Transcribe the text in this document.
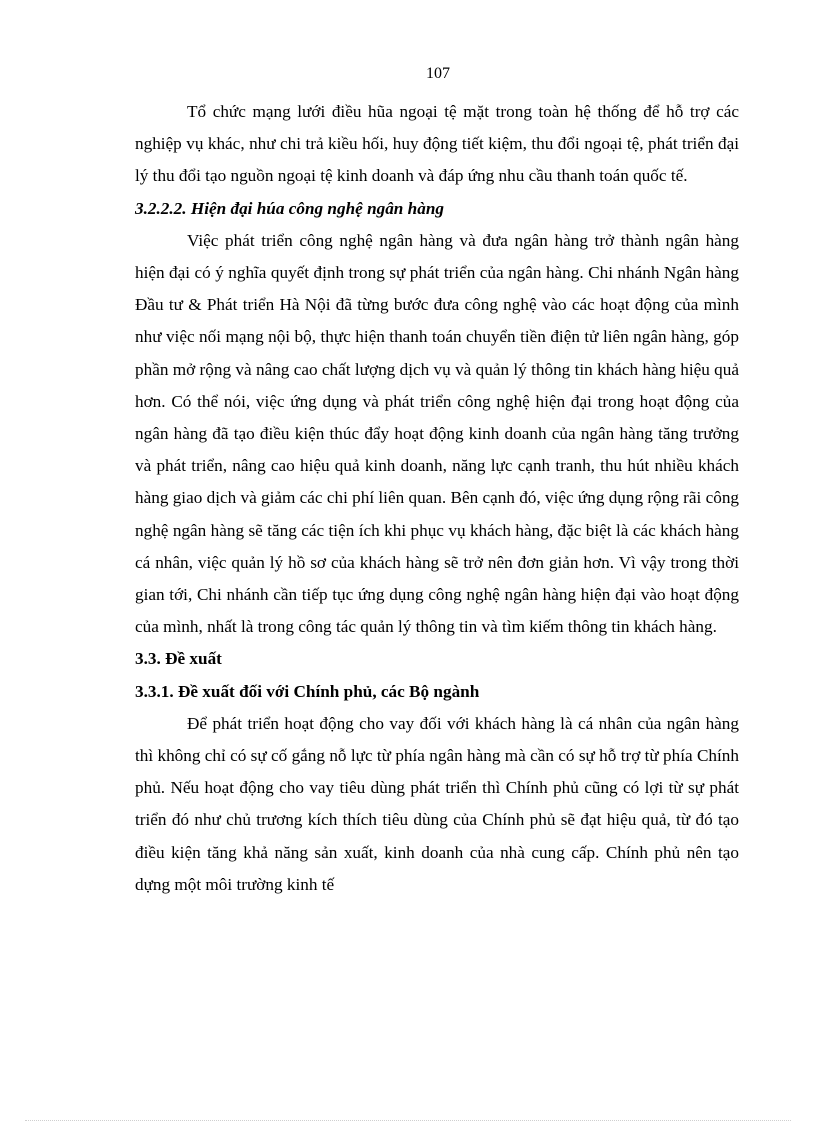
107

Tổ chức mạng lưới điều hũa ngoại tệ mặt trong toàn hệ thống để hỗ trợ các nghiệp vụ khác, như chi trả kiều hối, huy động tiết kiệm, thu đổi ngoại tệ, phát triển đại lý thu đổi tạo nguồn ngoại tệ kinh doanh và đáp ứng nhu cầu thanh toán quốc tế.

3.2.2.2. Hiện đại húa công nghệ ngân hàng

Việc phát triển công nghệ ngân hàng và đưa ngân hàng trở thành ngân hàng hiện đại có ý nghĩa quyết định trong sự phát triển của ngân hàng. Chi nhánh Ngân hàng Đầu tư & Phát triển Hà Nội đã từng bước đưa công nghệ vào các hoạt động của mình như việc nối mạng nội bộ, thực hiện thanh toán chuyển tiền điện tử liên ngân hàng, góp phần mở rộng và nâng cao chất lượng dịch vụ và quản lý thông tin khách hàng hiệu quả hơn. Có thể nói, việc ứng dụng và phát triển công nghệ hiện đại trong hoạt động của ngân hàng đã tạo điều kiện thúc đẩy hoạt động kinh doanh của ngân hàng tăng trưởng và phát triển, nâng cao hiệu quả kinh doanh, năng lực cạnh tranh, thu hút nhiều khách hàng giao dịch và giảm các chi phí liên quan. Bên cạnh đó, việc ứng dụng rộng rãi công nghệ ngân hàng sẽ tăng các tiện ích khi phục vụ khách hàng, đặc biệt là các khách hàng cá nhân, việc quản lý hồ sơ của khách hàng sẽ trở nên đơn giản hơn. Vì vậy trong thời gian tới, Chi nhánh cần tiếp tục ứng dụng công nghệ ngân hàng hiện đại vào hoạt động của mình, nhất là trong công tác quản lý thông tin và tìm kiếm thông tin khách hàng.

3.3. Đề xuất

3.3.1. Đề xuất đối với Chính phủ, các Bộ ngành

Để phát triển hoạt động cho vay đối với khách hàng là cá nhân của ngân hàng thì không chỉ có sự cố gắng nỗ lực từ phía ngân hàng mà cần có sự hỗ trợ từ phía Chính phủ. Nếu hoạt động cho vay tiêu dùng phát triển thì Chính phủ cũng có lợi từ sự phát triển đó như chủ trương kích thích tiêu dùng của Chính phủ sẽ đạt hiệu quả, từ đó tạo điều kiện tăng khả năng sản xuất, kinh doanh của nhà cung cấp. Chính phủ nên tạo dựng một môi trường kinh tế
